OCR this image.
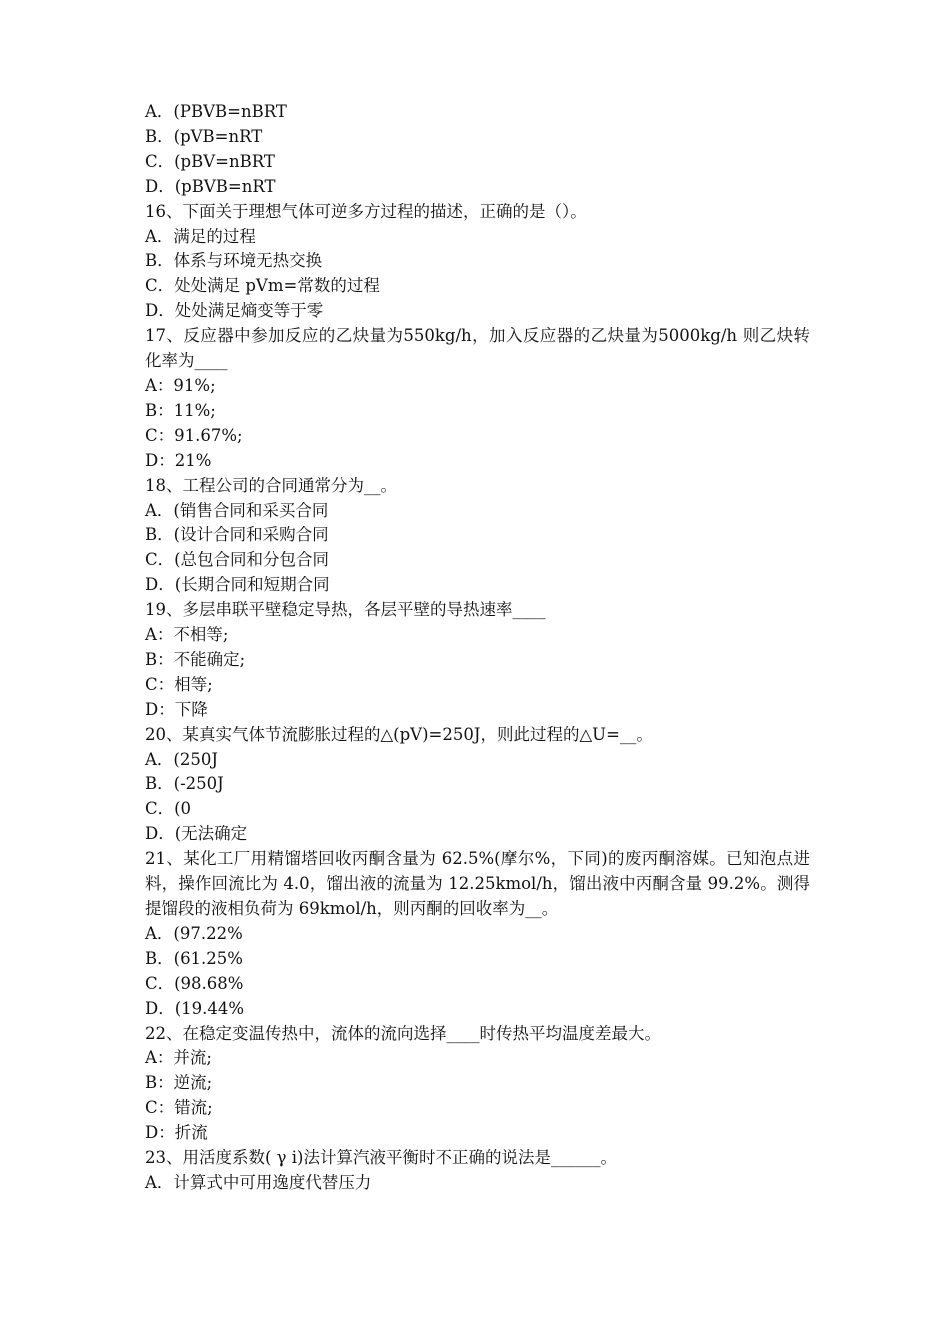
A．(PBVB=nBRT

B．(pVB=nRT

C．(pBV=nBRT

D．(pBVB=nRT

16、下面关于理想气体可逆多方过程的描述，正确的是（）。

A．满足的过程

B．体系与环境无热交换

C．处处满足 pVm=常数的过程

D．处处满足熵变等于零

17、反应器中参加反应的乙炔量为550kg/h，加入反应器的乙炔量为5000kg/h 则乙炔转化率为____

A：91%;

B：11%;

C：91.67%;

D：21%

18、工程公司的合同通常分为__。

A．(销售合同和采买合同

B．(设计合同和采购合同

C．(总包合同和分包合同

D．(长期合同和短期合同

19、多层串联平壁稳定导热，各层平壁的导热速率____

A：不相等;

B：不能确定;

C：相等;

D：下降

20、某真实气体节流膨胀过程的△(pV)=250J，则此过程的△U=__。

A．(250J

B．(-250J

C．(0

D．(无法确定

21、某化工厂用精馏塔回收丙酮含量为 62.5%(摩尔%，下同)的废丙酮溶媒。已知泡点进料，操作回流比为 4.0，馏出液的流量为 12.25kmol/h，馏出液中丙酮含量 99.2%。测得提馏段的液相负荷为 69kmol/h，则丙酮的回收率为__。

A．(97.22%

B．(61.25%

C．(98.68%

D．(19.44%

22、在稳定变温传热中，流体的流向选择____时传热平均温度差最大。

A：并流;

B：逆流;

C：错流;

D：折流

23、用活度系数( γ i)法计算汽液平衡时不正确的说法是______。

A．计算式中可用逸度代替压力
